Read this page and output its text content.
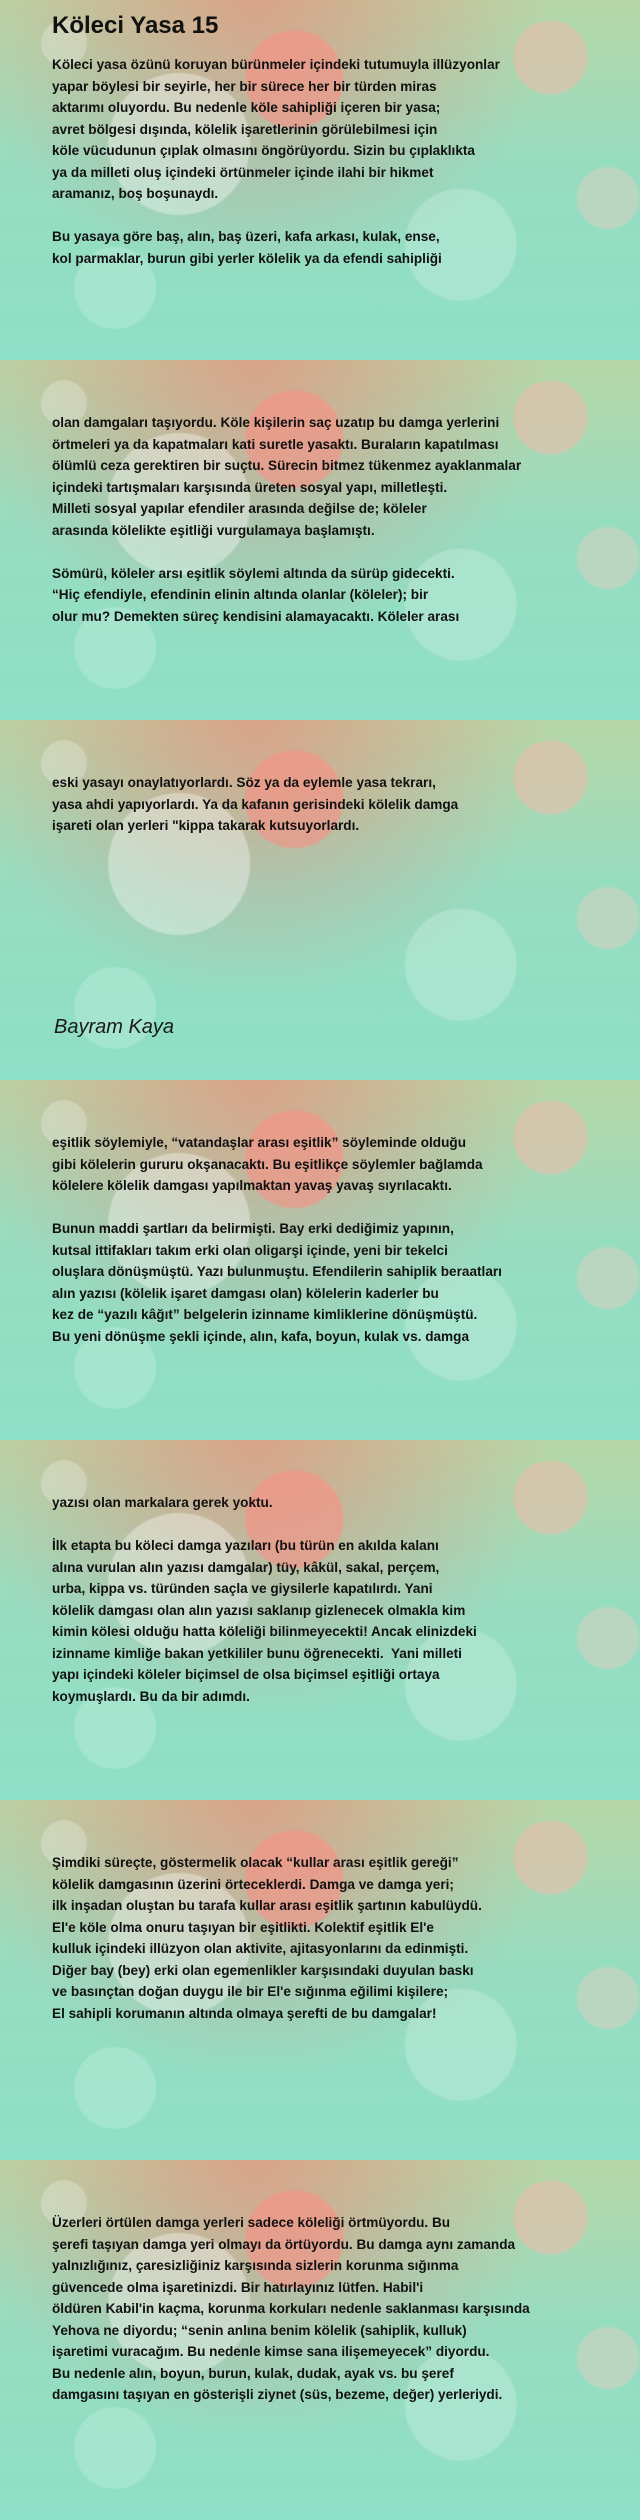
Köleci Yasa 15
Köleci yasa özünü koruyan bürünmeler içindeki tutumuyla illüzyonlar
yapar böylesi bir seyirle, her bir sürece her bir türden miras
aktarımı oluyordu. Bu nedenle köle sahipliği içeren bir yasa;
avret bölgesi dışında, kölelik işaretlerinin görülebilmesi için
köle vücudunun çıplak olmasını öngörüyordu. Sizin bu çıplaklıkta
ya da milleti oluş içindeki örtünmeler içinde ilahi bir hikmet
aramanız, boş boşunaydı.
Bu yasaya göre baş, alın, baş üzeri, kafa arkası, kulak, ense,
kol parmaklar, burun gibi yerler kölelik ya da efendi sahipliği
olan damgaları taşıyordu. Köle kişilerin saç uzatıp bu damga yerlerini
örtmeleri ya da kapatmaları kati suretle yasaktı. Buraların kapatılması
ölümlü ceza gerektiren bir suçtu. Sürecin bitmez tükenmez ayaklanmalar
içindeki tartışmaları karşısında üreten sosyal yapı, milletleşti.
Milleti sosyal yapılar efendiler arasında değilse de; köleler
arasında kölelikte eşitliği vurgulamaya başlamıştı.
Sömürü, köleler arsı eşitlik söylemi altında da sürüp gidecekti.
“Hiç efendiyle, efendinin elinin altında olanlar (köleler); bir
olur mu? Demekten süreç kendisini alamayacaktı. Köleler arası
eski yasayı onaylatıyorlardı. Söz ya da eylemle yasa tekrarı,
yasa ahdi yapıyorlardı. Ya da kafanın gerisindeki kölelik damga
işareti olan yerleri "kippa takarak kutsuyorlardı.
Bayram Kaya
eşitlik söylemiyle, “vatandaşlar arası eşitlik” söyleminde olduğu
gibi kölelerin gururu okşanacaktı. Bu eşitlikçe söylemler bağlamda
kölelere kölelik damgası yapılmaktan yavaş yavaş sıyrılacaktı.
Bunun maddi şartları da belirmişti. Bay erki dediğimiz yapının,
kutsal ittifakları takım erki olan oligarşi içinde, yeni bir tekelci
oluşlara dönüşmüştü. Yazı bulunmuştu. Efendilerin sahiplik beraatları
alın yazısı (kölelik işaret damgası olan) kölelerin kaderler bu
kez de “yazılı kâğıt” belgelerin izinname kimliklerine dönüşmüştü.
Bu yeni dönüşme şekli içinde, alın, kafa, boyun, kulak vs. damga
yazısı olan markalara gerek yoktu.
İlk etapta bu köleci damga yazıları (bu türün en akılda kalanı
alına vurulan alın yazısı damgalar) tüy, kâkül, sakal, perçem,
urba, kippa vs. türünden saçla ve giysilerle kapatılırdı. Yani
kölelik damgası olan alın yazısı saklanıp gizlenecek olmakla kim
kimin kölesi olduğu hatta köleliği bilinmeyecekti! Ancak elinizdeki
izinname kimliğe bakan yetkililer bunu öğrenecekti.  Yani milleti
yapı içindeki köleler biçimsel de olsa biçimsel eşitliği ortaya
koymuşlardı. Bu da bir adımdı.
Şimdiki süreçte, göstermelik olacak “kullar arası eşitlik gereği”
kölelik damgasının üzerini örteceklerdi. Damga ve damga yeri;
ilk inşadan oluştan bu tarafa kullar arası eşitlik şartının kabulüydü.
El'e köle olma onuru taşıyan bir eşitlikti. Kolektif eşitlik El'e
kulluk içindeki illüzyon olan aktivite, ajitasyonlarını da edinmişti.
Diğer bay (bey) erki olan egemenlikler karşısındaki duyulan baskı
ve basınçtan doğan duygu ile bir El'e sığınma eğilimi kişilere;
El sahipli korumanın altında olmaya şerefti de bu damgalar!
Üzerleri örtülen damga yerleri sadece köleliği örtmüyordu. Bu
şerefi taşıyan damga yeri olmayı da örtüyordu. Bu damga aynı zamanda
yalnızlığınız, çaresizliğiniz karşısında sizlerin korunma sığınma
güvencede olma işaretinizdi. Bir hatırlayınız lütfen. Habil'i
öldüren Kabil'in kaçma, korunma korkuları nedenle saklanması karşısında
Yehova ne diyordu; “senin anlına benim kölelik (sahiplik, kulluk)
işaretimi vuracağım. Bu nedenle kimse sana ilişemeyecek” diyordu.
Bu nedenle alın, boyun, burun, kulak, dudak, ayak vs. bu şeref
damgasını taşıyan en gösterişli ziynet (süs, bezeme, değer) yerleriydi.
